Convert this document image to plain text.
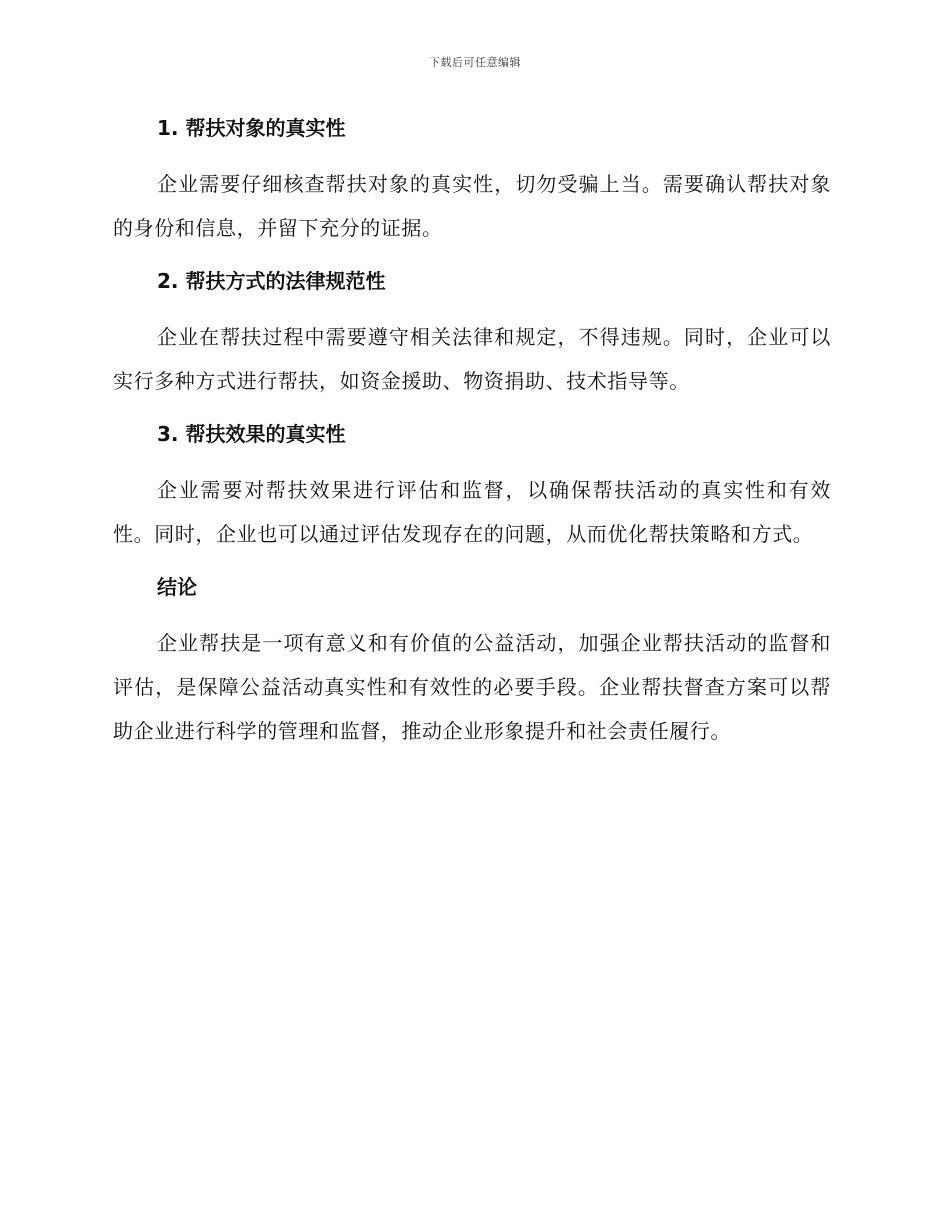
下载后可任意编辑
1. 帮扶对象的真实性

企业需要仔细核查帮扶对象的真实性，切勿受骗上当。需要确认帮扶对象的身份和信息，并留下充分的证据。

2. 帮扶方式的法律规范性

企业在帮扶过程中需要遵守相关法律和规定，不得违规。同时，企业可以实行多种方式进行帮扶，如资金援助、物资捐助、技术指导等。

3. 帮扶效果的真实性

企业需要对帮扶效果进行评估和监督，以确保帮扶活动的真实性和有效性。同时，企业也可以通过评估发现存在的问题，从而优化帮扶策略和方式。

结论

企业帮扶是一项有意义和有价值的公益活动，加强企业帮扶活动的监督和评估，是保障公益活动真实性和有效性的必要手段。企业帮扶督查方案可以帮助企业进行科学的管理和监督，推动企业形象提升和社会责任履行。
